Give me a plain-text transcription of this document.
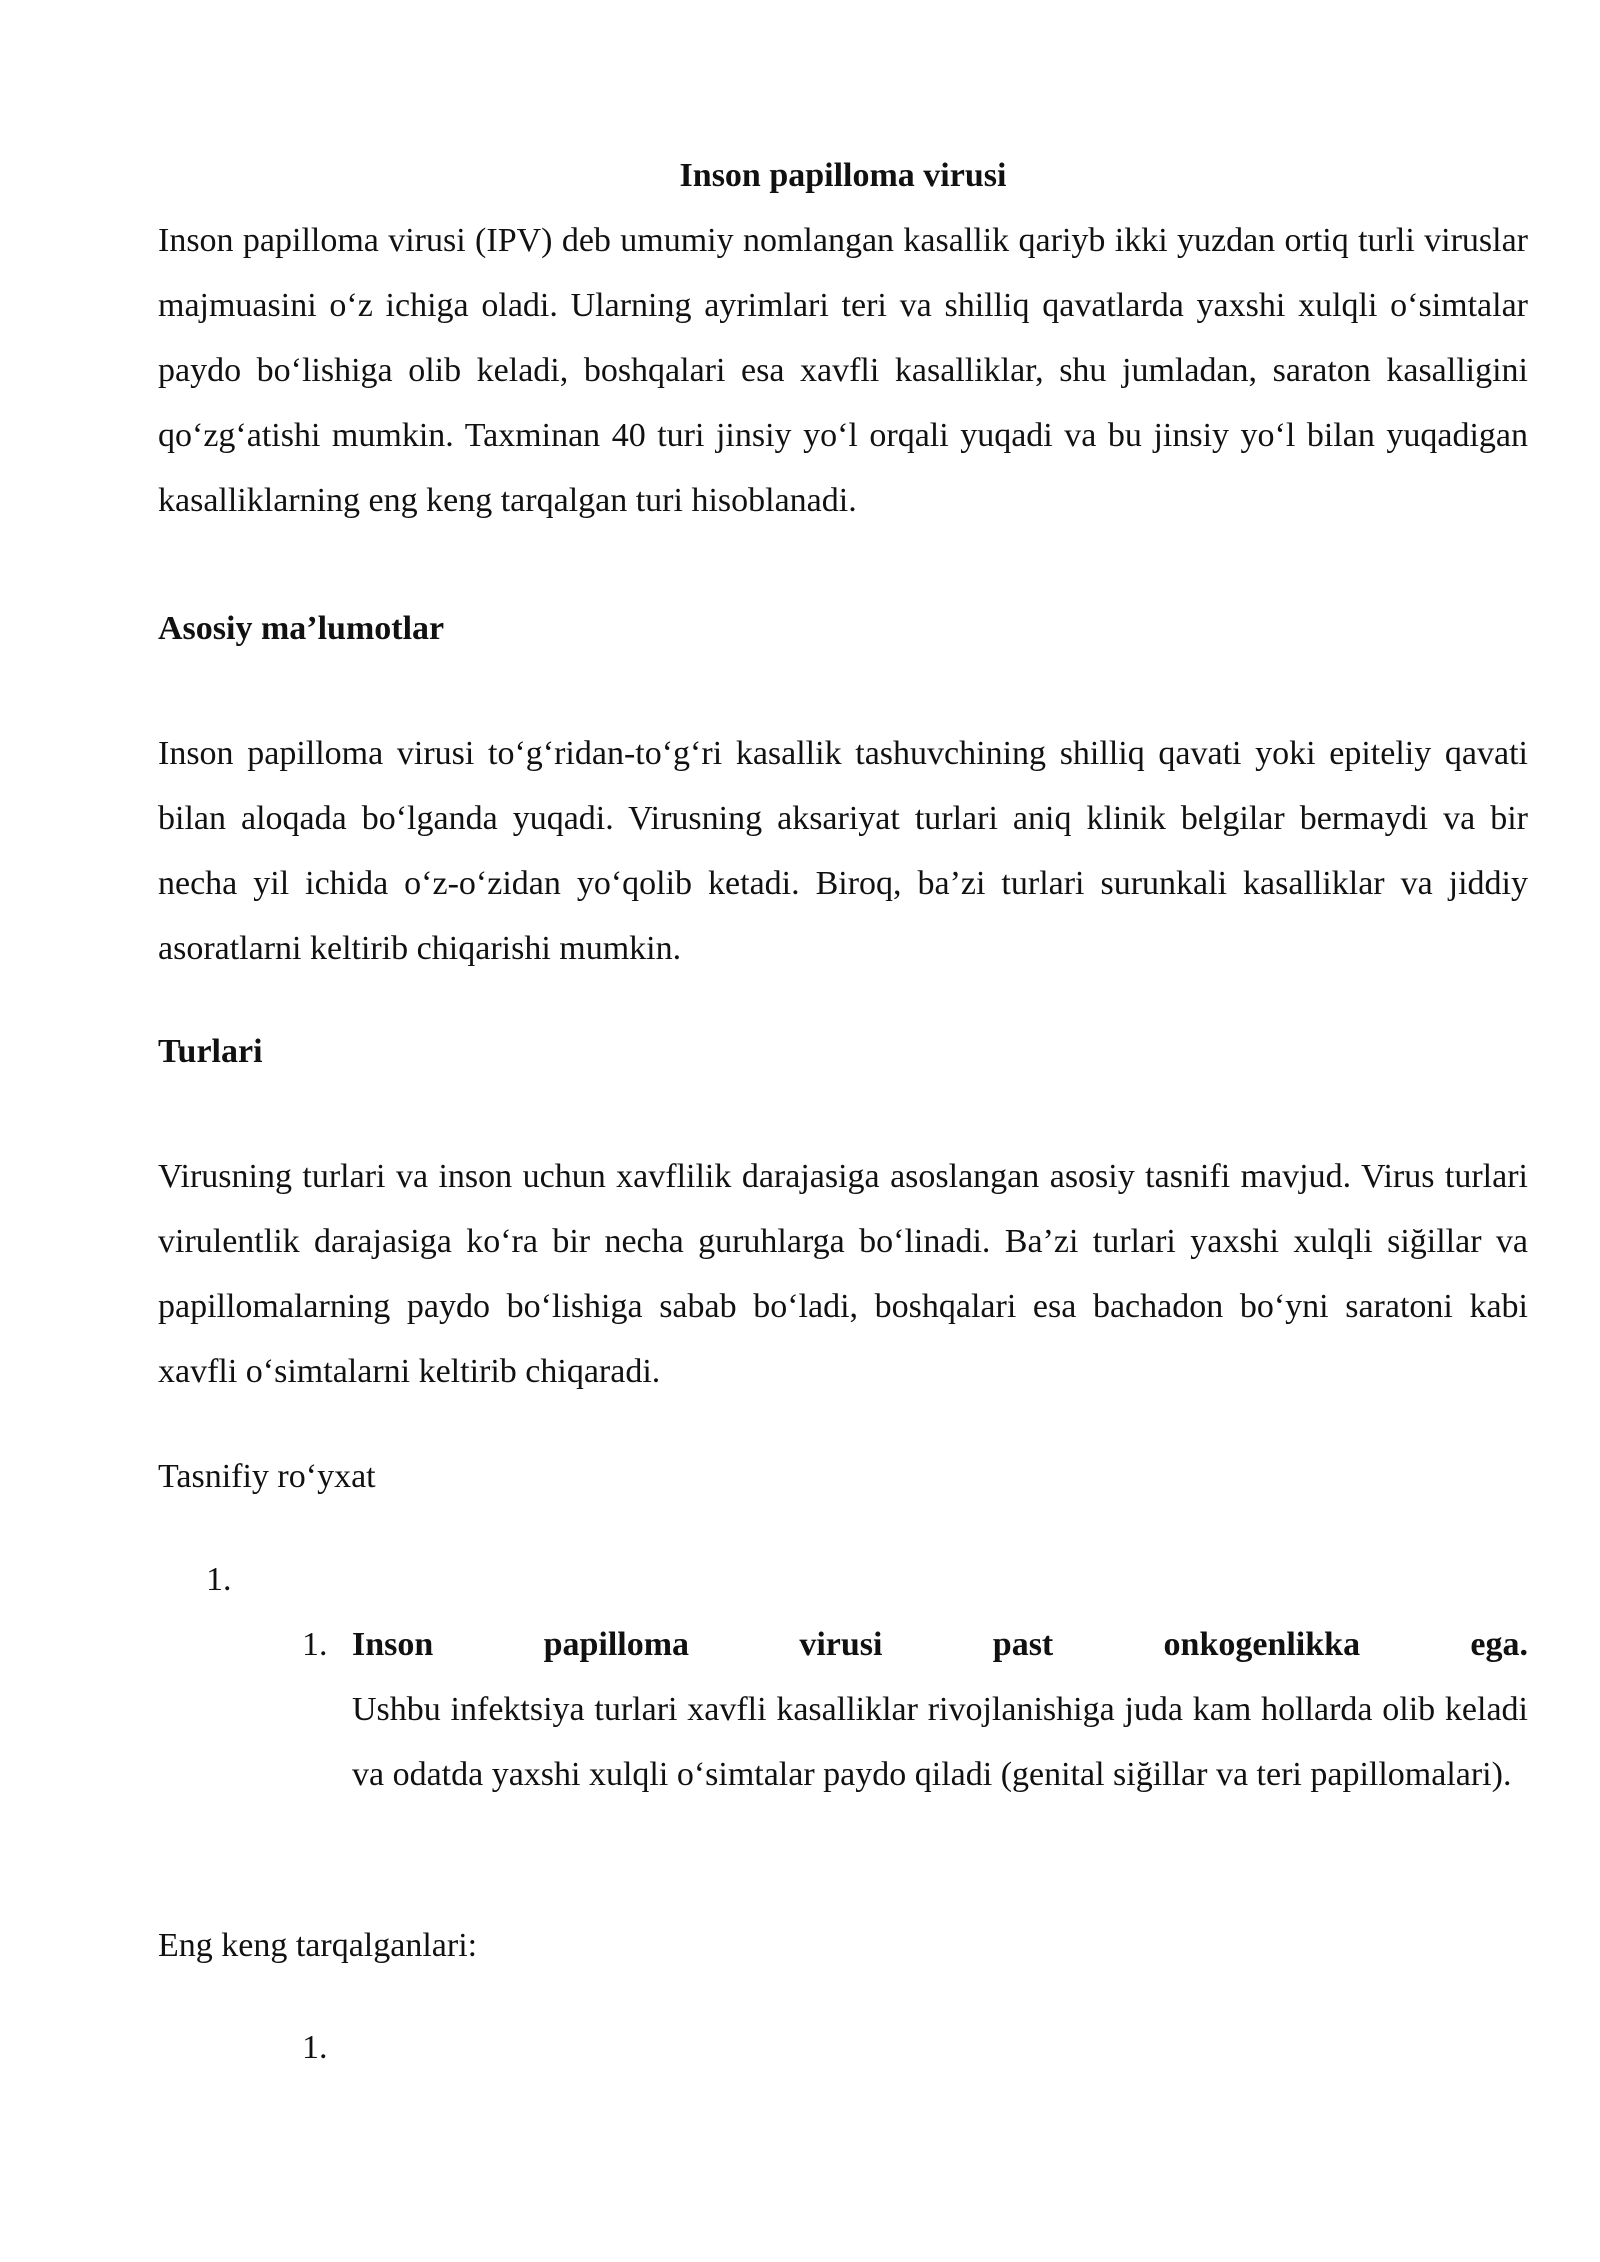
Inson papilloma virusi
Inson papilloma virusi (IPV) deb umumiy nomlangan kasallik qariyb ikki yuzdan ortiq turli viruslar majmuasini o‘z ichiga oladi. Ularning ayrimlari teri va shilliq qavatlarda yaxshi xulqli o‘simtalar paydo bo‘lishiga olib keladi, boshqalari esa xavfli kasalliklar, shu jumladan, saraton kasalligini qo‘zg‘atishi mumkin. Taxminan 40 turi jinsiy yo‘l orqali yuqadi va bu jinsiy yo‘l bilan yuqadigan kasalliklarning eng keng tarqalgan turi hisoblanadi.
Asosiy ma’lumotlar
Inson papilloma virusi to‘g‘ridan-to‘g‘ri kasallik tashuvchining shilliq qavati yoki epiteliy qavati bilan aloqada bo‘lganda yuqadi. Virusning aksariyat turlari aniq klinik belgilar bermaydi va bir necha yil ichida o‘z-o‘zidan yo‘qolib ketadi. Biroq, ba’zi turlari surunkali kasalliklar va jiddiy asoratlarni keltirib chiqarishi mumkin.
Turlari
Virusning turlari va inson uchun xavflilik darajasiga asoslangan asosiy tasnifi mavjud. Virus turlari virulentlik darajasiga ko‘ra bir necha guruhlarga bo‘linadi. Ba’zi turlari yaxshi xulqli siğillar va papillomalarning paydo bo‘lishiga sabab bo‘ladi, boshqalari esa bachadon bo‘yni saratoni kabi xavfli o‘simtalarni keltirib chiqaradi.
Tasnifiy ro‘yxat
1.
1. Inson	papilloma	virusi	past	onkogenlikka	ega.
Ushbu infektsiya turlari xavfli kasalliklar rivojlanishiga juda kam hollarda olib keladi va odatda yaxshi xulqli o‘simtalar paydo qiladi (genital siğillar va teri papillomalari).
Eng keng tarqalganlari:
1.
